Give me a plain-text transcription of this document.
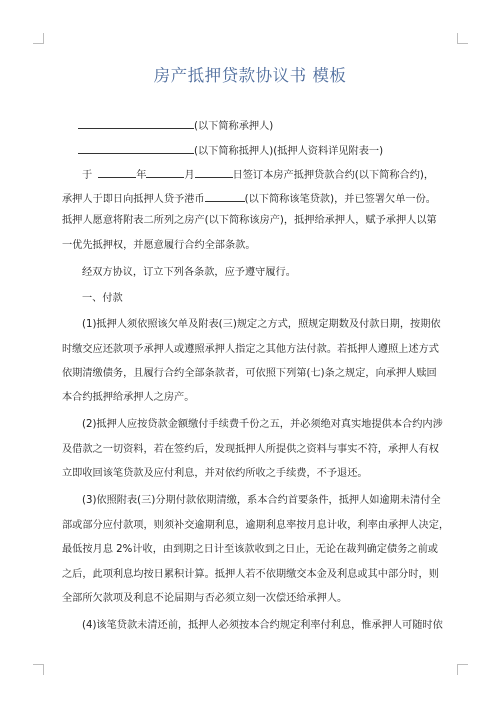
房产抵押贷款协议书 模板
(以下简称承押人)
(以下简称抵押人)(抵押人资料详见附表一)
于	年	月	日签订本房产抵押贷款合约(以下简称合约)，
承押人于即日向抵押人贷予港币	(以下简称该笔贷款)，并已签署欠单一份。
抵押人愿意将附表二所列之房产(以下简称该房产)，抵押给承押人，赋予承押人以第
一优先抵押权，并愿意履行合约全部条款。
经双方协议，订立下列各条款，应予遵守履行。
一、付款
(1)抵押人须依照该欠单及附表(三)规定之方式，照规定期数及付款日期，按期依
时缴交应还款项予承押人或遵照承押人指定之其他方法付款。若抵押人遵照上述方式
依期清缴债务，且履行合约全部条款者，可依照下列第(七)条之规定，向承押人赎回
本合约抵押给承押人之房产。
(2)抵押人应按贷款金额缴付手续费千份之五，并必须绝对真实地提供本合约内涉
及借款之一切资料，若在签约后，发现抵押人所提供之资料与事实不符，承押人有权
立即收回该笔贷款及应付利息，并对依约所收之手续费，不予退还。
(3)依照附表(三)分期付款依期清缴，系本合约首要条件，抵押人如逾期未清付全
部或部分应付款项，则须补交逾期利息，逾期利息率按月息计收，利率由承押人决定，
最低按月息 2%计收，由到期之日计至该款收到之日止，无论在裁判确定债务之前或
之后，此项利息均按日累积计算。抵押人若不依期缴交本金及利息或其中部分时，则
全部所欠款项及利息不论届期与否必须立刻一次偿还给承押人。
(4)该笔贷款未清还前，抵押人必须按本合约规定利率付利息，惟承押人可随时依
